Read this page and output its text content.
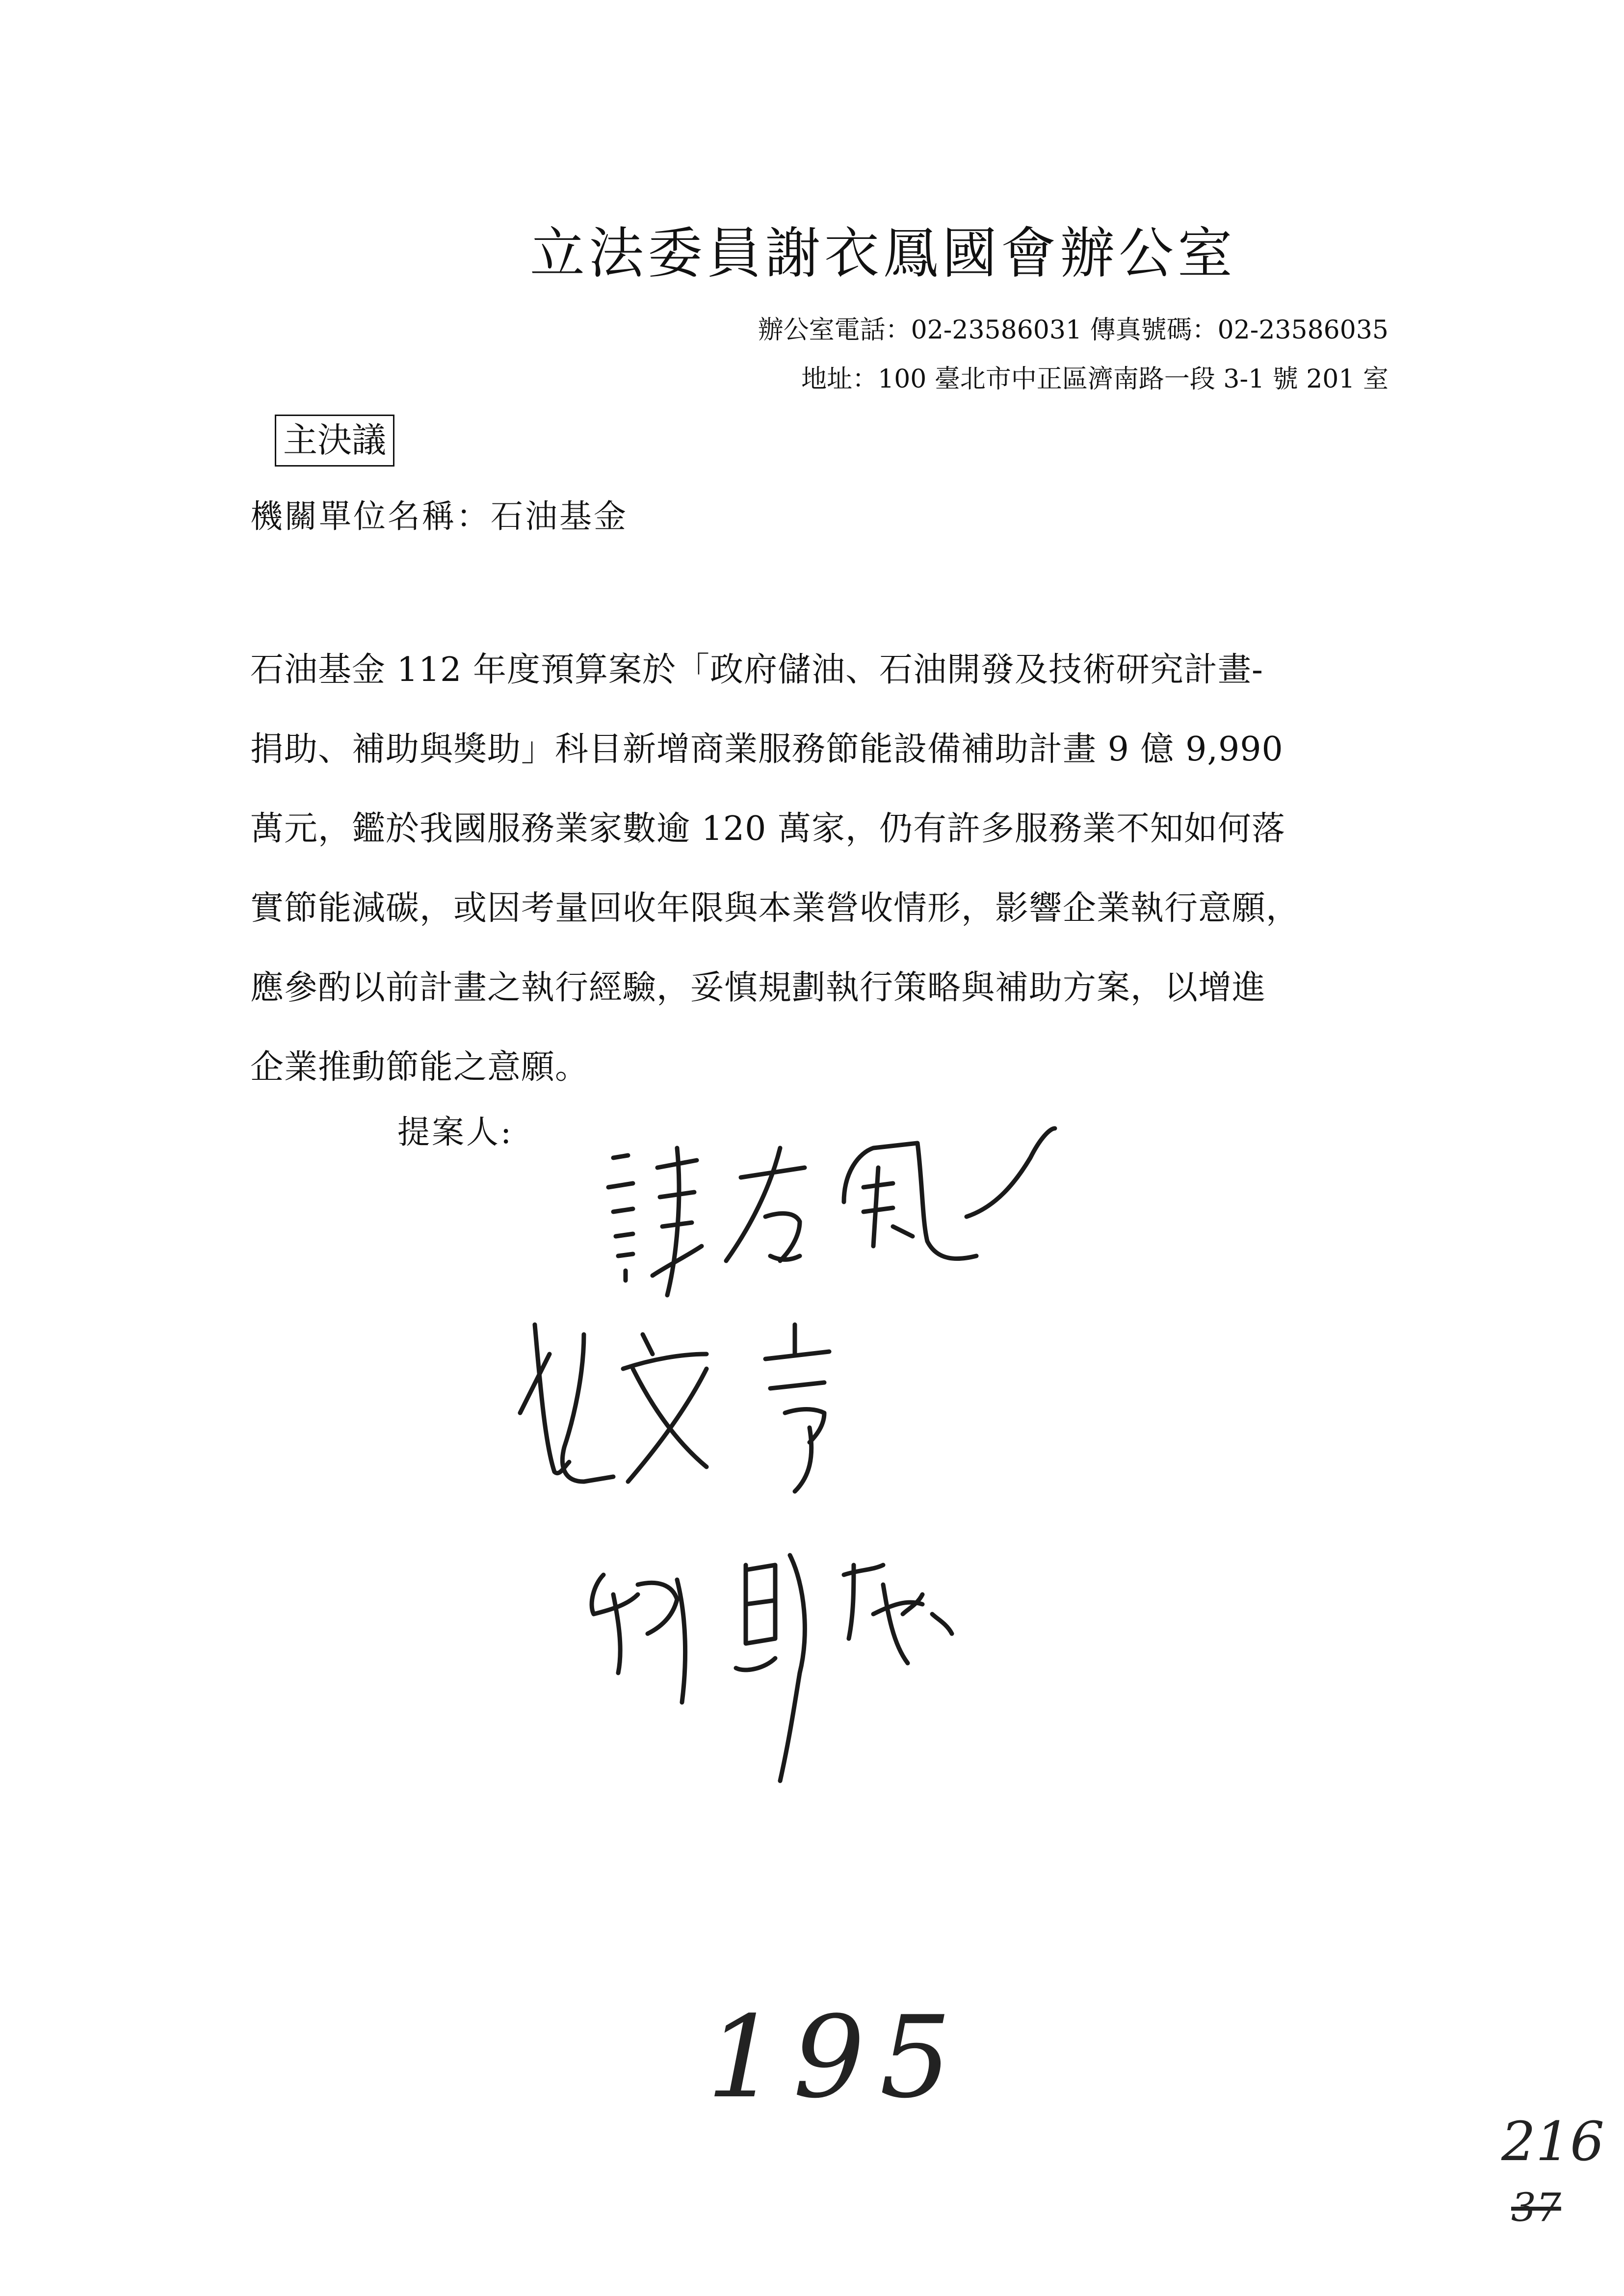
立法委員謝衣鳳國會辦公室
辦公室電話：02-23586031 傳真號碼：02-23586035
地址：100 臺北市中正區濟南路一段 3-1 號 201 室
主決議
機關單位名稱：石油基金
石油基金 112 年度預算案於「政府儲油、石油開發及技術研究計畫-
捐助、補助與獎助」科目新增商業服務節能設備補助計畫 9 億 9,990
萬元，鑑於我國服務業家數逾 120 萬家，仍有許多服務業不知如何落
實節能減碳，或因考量回收年限與本業營收情形，影響企業執行意願，
應參酌以前計畫之執行經驗，妥慎規劃執行策略與補助方案，以增進
企業推動節能之意願。
提案人:
195
216
37
